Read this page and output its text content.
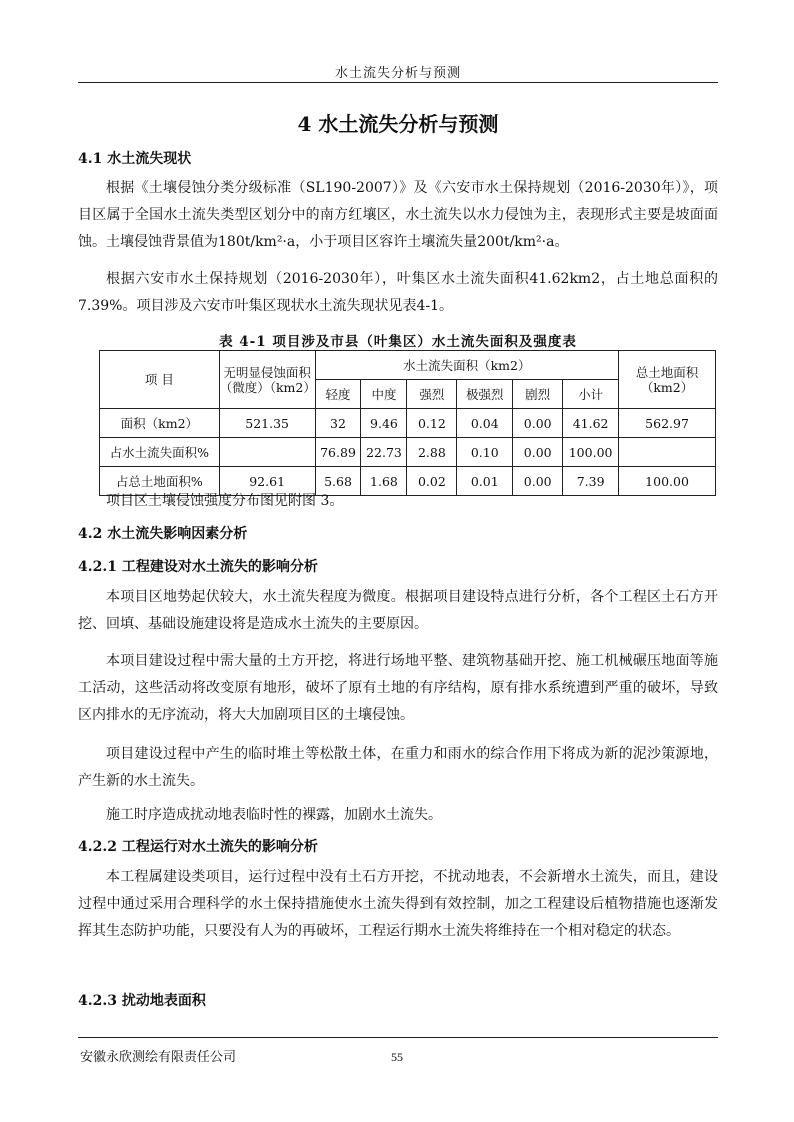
水土流失分析与预测
4 水土流失分析与预测
4.1 水土流失现状
根据《土壤侵蚀分类分级标准（SL190-2007）》及《六安市水土保持规划（2016-2030年）》，项目区属于全国水土流失类型区划分中的南方红壤区，水土流失以水力侵蚀为主，表现形式主要是坡面面蚀。土壤侵蚀背景值为180t/km²·a，小于项目区容许土壤流失量200t/km²·a。
根据六安市水土保持规划（2016-2030年），叶集区水土流失面积41.62km2，占土地总面积的7.39%。项目涉及六安市叶集区现状水土流失现状见表4-1。
表 4-1 项目涉及市县（叶集区）水土流失面积及强度表
项 目	无明显侵蚀面积（微度）（km2）	水土流失面积（km2）						总土地面积（km2）
		轻度	中度	强烈	极强烈	剧烈	小计	
面积（km2）	521.35	32	9.46	0.12	0.04	0.00	41.62	562.97
占水土流失面积%		76.89	22.73	2.88	0.10	0.00	100.00	
占总土地面积%	92.61	5.68	1.68	0.02	0.01	0.00	7.39	100.00
项目区土壤侵蚀强度分布图见附图 3。
4.2 水土流失影响因素分析
4.2.1 工程建设对水土流失的影响分析
本项目区地势起伏较大，水土流失程度为微度。根据项目建设特点进行分析，各个工程区土石方开挖、回填、基础设施建设将是造成水土流失的主要原因。
本项目建设过程中需大量的土方开挖，将进行场地平整、建筑物基础开挖、施工机械碾压地面等施工活动，这些活动将改变原有地形，破坏了原有土地的有序结构，原有排水系统遭到严重的破坏，导致区内排水的无序流动，将大大加剧项目区的土壤侵蚀。
项目建设过程中产生的临时堆土等松散土体，在重力和雨水的综合作用下将成为新的泥沙策源地，产生新的水土流失。
施工时序造成扰动地表临时性的裸露，加剧水土流失。
4.2.2 工程运行对水土流失的影响分析
本工程属建设类项目，运行过程中没有土石方开挖，不扰动地表，不会新增水土流失，而且，建设过程中通过采用合理科学的水土保持措施使水土流失得到有效控制，加之工程建设后植物措施也逐渐发挥其生态防护功能，只要没有人为的再破坏，工程运行期水土流失将维持在一个相对稳定的状态。
4.2.3 扰动地表面积
安徽永欣测绘有限责任公司	55
